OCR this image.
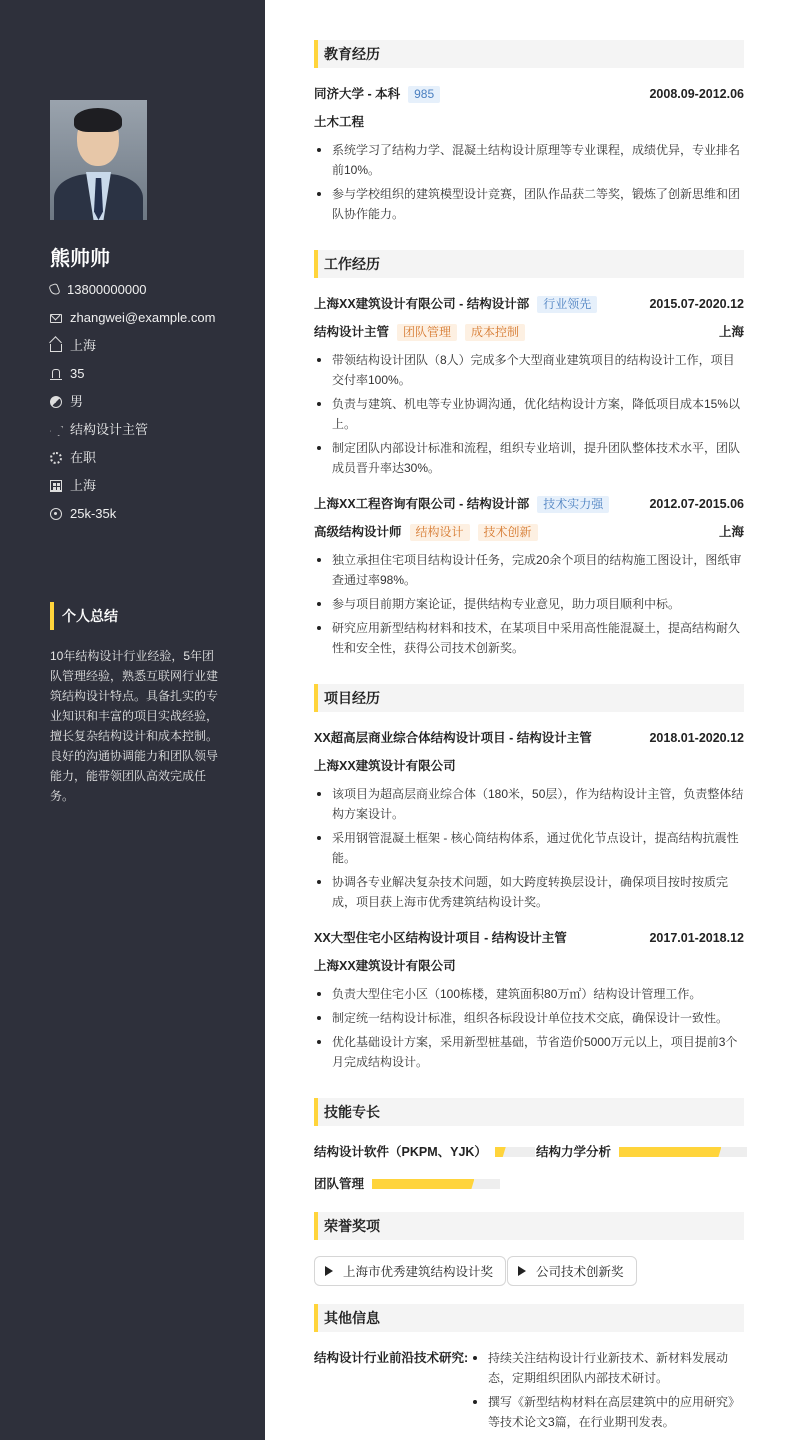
熊帅帅
13800000000
zhangwei@example.com
上海
35
男
结构设计主管
在职
上海
25k-35k
个人总结
10年结构设计行业经验，5年团队管理经验，熟悉互联网行业建筑结构设计特点。具备扎实的专业知识和丰富的项目实战经验，擅长复杂结构设计和成本控制。良好的沟通协调能力和团队领导能力，能带领团队高效完成任务。
教育经历
同济大学 - 本科	985	2008.09-2012.06
土木工程
系统学习了结构力学、混凝土结构设计原理等专业课程，成绩优异，专业排名前10%。
参与学校组织的建筑模型设计竞赛，团队作品获二等奖，锻炼了创新思维和团队协作能力。
工作经历
上海XX建筑设计有限公司 - 结构设计部	行业领先	2015.07-2020.12
结构设计主管	团队管理	成本控制	上海
带领结构设计团队（8人）完成多个大型商业建筑项目的结构设计工作，项目交付率100%。
负责与建筑、机电等专业协调沟通，优化结构设计方案，降低项目成本15%以上。
制定团队内部设计标准和流程，组织专业培训，提升团队整体技术水平，团队成员晋升率达30%。
上海XX工程咨询有限公司 - 结构设计部	技术实力强	2012.07-2015.06
高级结构设计师	结构设计	技术创新	上海
独立承担住宅项目结构设计任务，完成20余个项目的结构施工图设计，图纸审查通过率98%。
参与项目前期方案论证，提供结构专业意见，助力项目顺利中标。
研究应用新型结构材料和技术，在某项目中采用高性能混凝土，提高结构耐久性和安全性，获得公司技术创新奖。
项目经历
XX超高层商业综合体结构设计项目 - 结构设计主管	2018.01-2020.12
上海XX建筑设计有限公司
该项目为超高层商业综合体（180米，50层），作为结构设计主管，负责整体结构方案设计。
采用钢管混凝土框架 - 核心筒结构体系，通过优化节点设计，提高结构抗震性能。
协调各专业解决复杂技术问题，如大跨度转换层设计，确保项目按时按质完成，项目获上海市优秀建筑结构设计奖。
XX大型住宅小区结构设计项目 - 结构设计主管	2017.01-2018.12
上海XX建筑设计有限公司
负责大型住宅小区（100栋楼，建筑面积80万㎡）结构设计管理工作。
制定统一结构设计标准，组织各标段设计单位技术交底，确保设计一致性。
优化基础设计方案，采用新型桩基础，节省造价5000万元以上，项目提前3个月完成结构设计。
技能专长
结构设计软件（PKPM、YJK）	结构力学分析
团队管理
荣誉奖项
上海市优秀建筑结构设计奖	公司技术创新奖
其他信息
结构设计行业前沿技术研究:	持续关注结构设计行业新技术、新材料发展动态，定期组织团队内部技术研讨。
撰写《新型结构材料在高层建筑中的应用研究》等技术论文3篇，在行业期刊发表。
